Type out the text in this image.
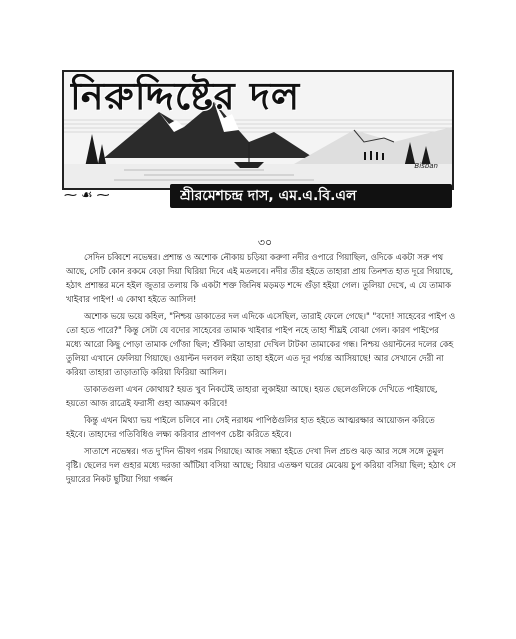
নিরুদ্দিষ্টের দল
Bisban
⁓☙⁓	শ্রীরমেশচন্দ্র দাস, এম.এ.বি.এল
৩০

সেদিন চব্বিশে নভেম্বর। প্রশান্ত ও অশোক নৌকায় চড়িয়া করুণা নদীর ওপারে গিয়াছিল, ওদিকে একটা সরু পথ আছে, সেটি কোন রকমে বেড়া দিয়া ঘিরিয়া দিবে এই মতলবে। নদীর তীর হইতে তাহারা প্রায় তিনশত হাত দূরে গিয়াছে, হঠাৎ প্রশান্তর মনে হইল জুতার তলায় কি একটা শক্ত জিনিষ মড়মড় শব্দে গুঁড়া হইয়া গেল। তুলিয়া দেখে, এ যে তামাক খাইবার পাইপ! এ কোথা হইতে আসিল!

অশোক ভয়ে ভয়ে কহিল, "নিশ্চয় ডাকাতের দল এদিকে এসেছিল, তারাই ফেলে গেছে।" "বদো! সাহেবের পাইপ ও তো হতে পারে?" কিন্তু সেটা যে বদোর সাহেবের তামাক খাইবার পাইপ নহে তাহা শীঘ্রই বোঝা গেল। কারণ পাইপের মধ্যে আরো কিছু পোড়া তামাক গোঁজা ছিল; শুঁকিয়া তাহারা দেখিল টাটকা তামাকের গন্ধ। নিশ্চয় ওয়াল্টনের দলের কেহ তুলিয়া এখানে ফেলিয়া গিয়াছে। ওয়াল্টন দলবল লইয়া তাহা হইলে এত দূর পর্য্যন্ত আসিয়াছে! আর সেখানে দেরী না করিয়া তাহারা তাড়াতাড়ি করিয়া ফিরিয়া আসিল।

ডাকাতগুলা এখন কোথায়? হয়ত খুব নিকটেই তাহারা লুকাইয়া আছে। হয়ত ছেলেগুলিকে দেখিতে পাইয়াছে, হয়তো আজ রাত্রেই ফরাসী গুহা আক্রমণ করিবে!

কিন্তু এখন মিথ্যা ভয় পাইলে চলিবে না। সেই নরাধম পাপিষ্ঠগুলির হাত হইতে আত্মরক্ষার আয়োজন করিতে হইবে। তাহাদের গতিবিধিও লক্ষ্য করিবার প্রাণপণ চেষ্টা করিতে হইবে।

সাতাশে নভেম্বর। গত দু'দিন ভীষণ গরম গিয়াছে। আজ সন্ধ্যা হইতে দেখা দিল প্রচণ্ড ঝড় আর সঙ্গে সঙ্গে তুমুল বৃষ্টি। ছেলের দল গুহার মধ্যে দরজা আঁটিয়া বসিয়া আছে; বিয়ার এতক্ষণ ঘরের মেঝেয় চুপ করিয়া বসিয়া ছিল; হঠাৎ সে দুয়ারের নিকট ছুটিয়া গিয়া গর্জ্জন
